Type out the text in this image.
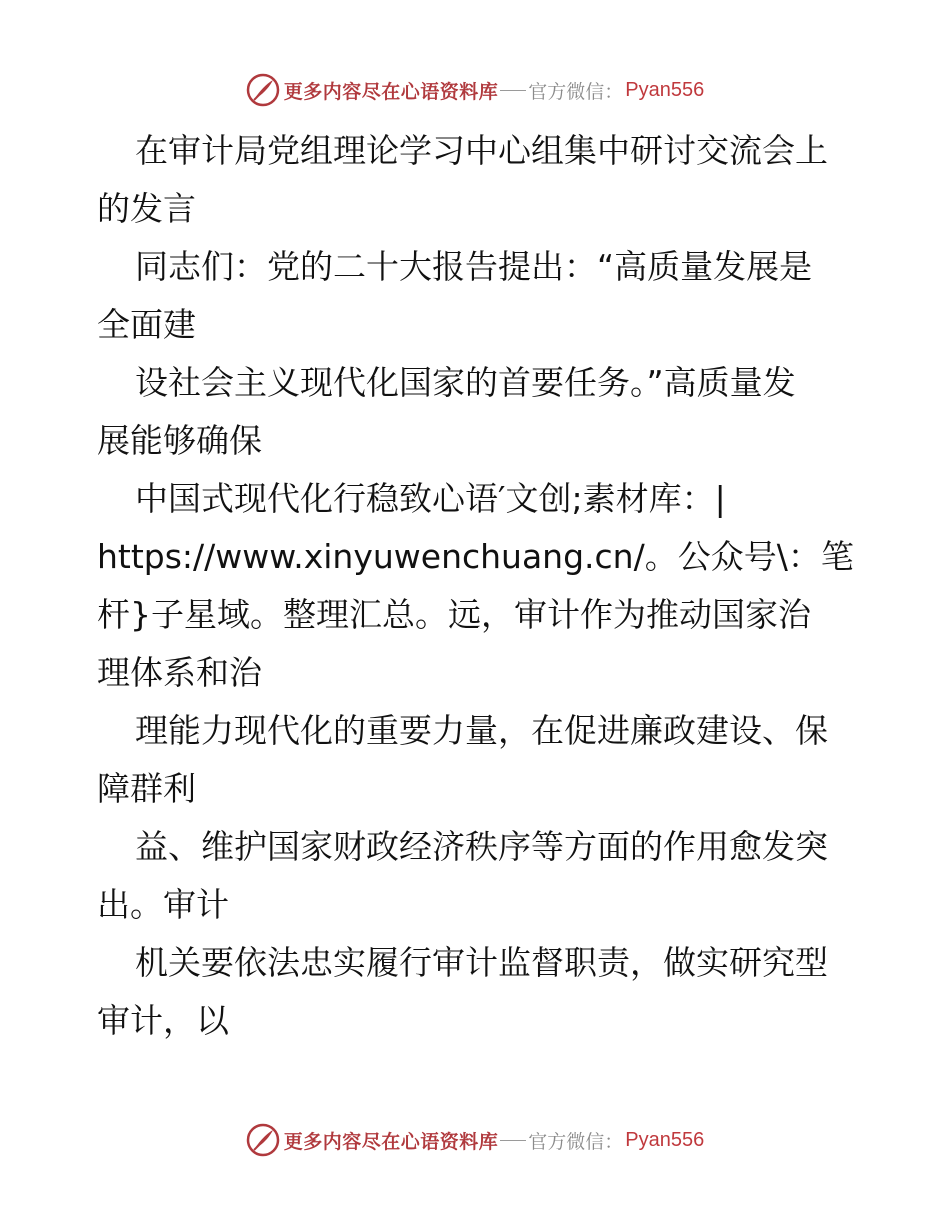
更多内容尽在心语资料库 官方微信： Pyan556
在审计局党组理论学习中心组集中研讨交流会上
的发言
同志们：党的二十大报告提出：“高质量发展是
全面建
设社会主义现代化国家的首要任务。”高质量发
展能够确保
中国式现代化行稳致心语′文创;素材库：|
https://www.xinyuwenchuang.cn/。公众号\：笔
杆}子星域。整理汇总。远，审计作为推动国家治
理体系和治
理能力现代化的重要力量，在促进廉政建设、保
障群利
益、维护国家财政经济秩序等方面的作用愈发突
出。审计
机关要依法忠实履行审计监督职责，做实研究型
审计，以
更多内容尽在心语资料库 官方微信： Pyan556
